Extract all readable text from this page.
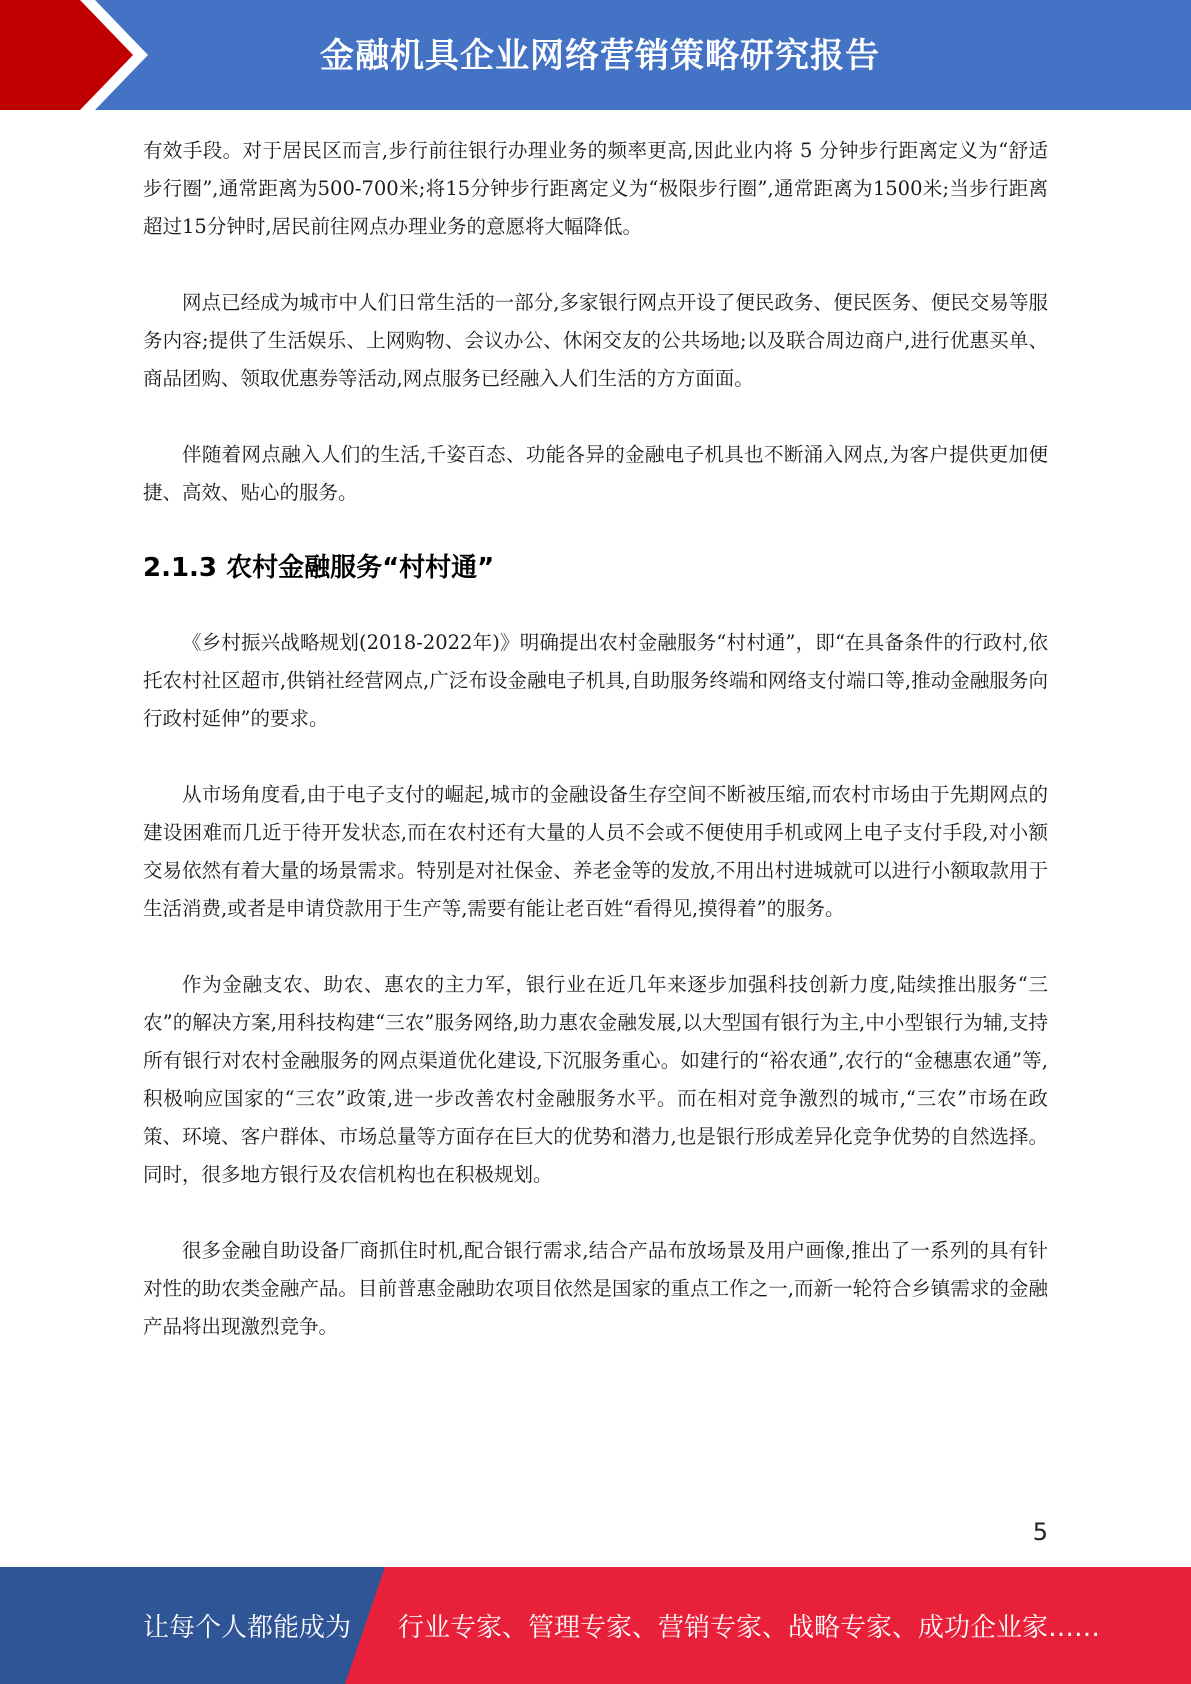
金融机具企业网络营销策略研究报告

有效手段。对于居民区而言,步行前往银行办理业务的频率更高,因此业内将 5 分钟步行距离定义为“舒适步行圈”,通常距离为500-700米;将15分钟步行距离定义为“极限步行圈”,通常距离为1500米;当步行距离超过15分钟时,居民前往网点办理业务的意愿将大幅降低。

网点已经成为城市中人们日常生活的一部分,多家银行网点开设了便民政务、便民医务、便民交易等服务内容;提供了生活娱乐、上网购物、会议办公、休闲交友的公共场地;以及联合周边商户,进行优惠买单、商品团购、领取优惠券等活动,网点服务已经融入人们生活的方方面面。

伴随着网点融入人们的生活,千姿百态、功能各异的金融电子机具也不断涌入网点,为客户提供更加便捷、高效、贴心的服务。

2.1.3 农村金融服务“村村通”

《乡村振兴战略规划(2018-2022年)》明确提出农村金融服务“村村通”，即“在具备条件的行政村,依托农村社区超市,供销社经营网点,广泛布设金融电子机具,自助服务终端和网络支付端口等,推动金融服务向行政村延伸”的要求。

从市场角度看,由于电子支付的崛起,城市的金融设备生存空间不断被压缩,而农村市场由于先期网点的建设困难而几近于待开发状态,而在农村还有大量的人员不会或不便使用手机或网上电子支付手段,对小额交易依然有着大量的场景需求。特别是对社保金、养老金等的发放,不用出村进城就可以进行小额取款用于生活消费,或者是申请贷款用于生产等,需要有能让老百姓“看得见,摸得着”的服务。

作为金融支农、助农、惠农的主力军，银行业在近几年来逐步加强科技创新力度,陆续推出服务“三农”的解决方案,用科技构建“三农”服务网络,助力惠农金融发展,以大型国有银行为主,中小型银行为辅,支持所有银行对农村金融服务的网点渠道优化建设,下沉服务重心。如建行的“裕农通”,农行的“金穗惠农通”等,积极响应国家的“三农”政策,进一步改善农村金融服务水平。而在相对竞争激烈的城市,“三农”市场在政策、环境、客户群体、市场总量等方面存在巨大的优势和潜力,也是银行形成差异化竞争优势的自然选择。同时，很多地方银行及农信机构也在积极规划。

很多金融自助设备厂商抓住时机,配合银行需求,结合产品布放场景及用户画像,推出了一系列的具有针对性的助农类金融产品。目前普惠金融助农项目依然是国家的重点工作之一,而新一轮符合乡镇需求的金融产品将出现激烈竞争。

5
让每个人都能成为 行业专家、管理专家、营销专家、战略专家、成功企业家……
